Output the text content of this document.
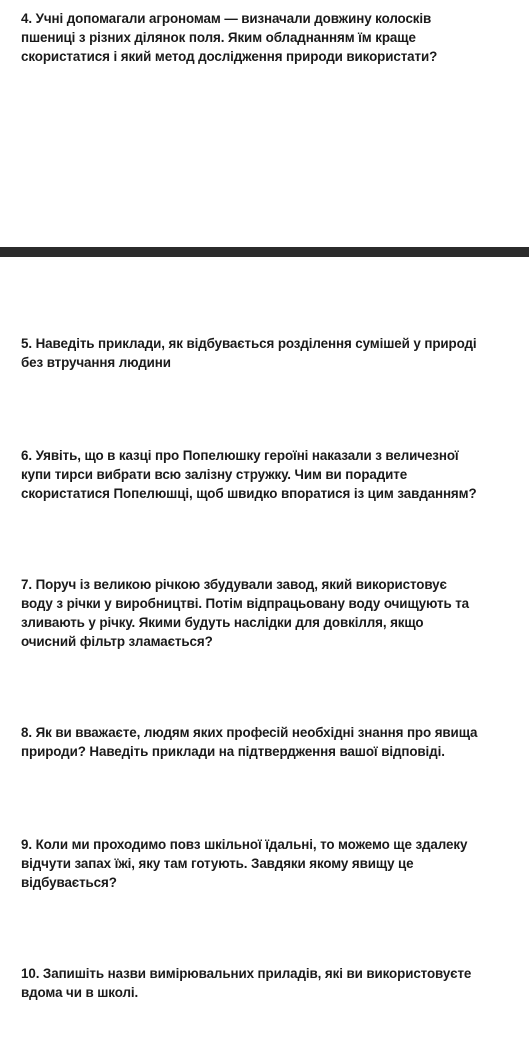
4. Учні допомагали агрономам — визначали довжину колосків
пшениці з різних ділянок поля. Яким обладнанням їм краще
скористатися і який метод дослідження природи використати?

5. Наведіть приклади, як відбувається розділення сумішей у природі
без втручання людини

6. Уявіть, що в казці про Попелюшку героїні наказали з величезної
купи тирси вибрати всю залізну стружку. Чим ви порадите
скористатися Попелюшці, щоб швидко впоратися із цим завданням?

7. Поруч із великою річкою збудували завод, який використовує
воду з річки у виробництві. Потім відпрацьовану воду очищують та
зливають у річку. Якими будуть наслідки для довкілля, якщо
очисний фільтр зламається?

8. Як ви вважаєте, людям яких професій необхідні знання про явища
природи? Наведіть приклади на підтвердження вашої відповіді.

9. Коли ми проходимо повз шкільної їдальні, то можемо ще здалеку
відчути запах їжі, яку там готують. Завдяки якому явищу це
відбувається?

10. Запишіть назви вимірювальних приладів, які ви використовуєте
вдома чи в школі.
